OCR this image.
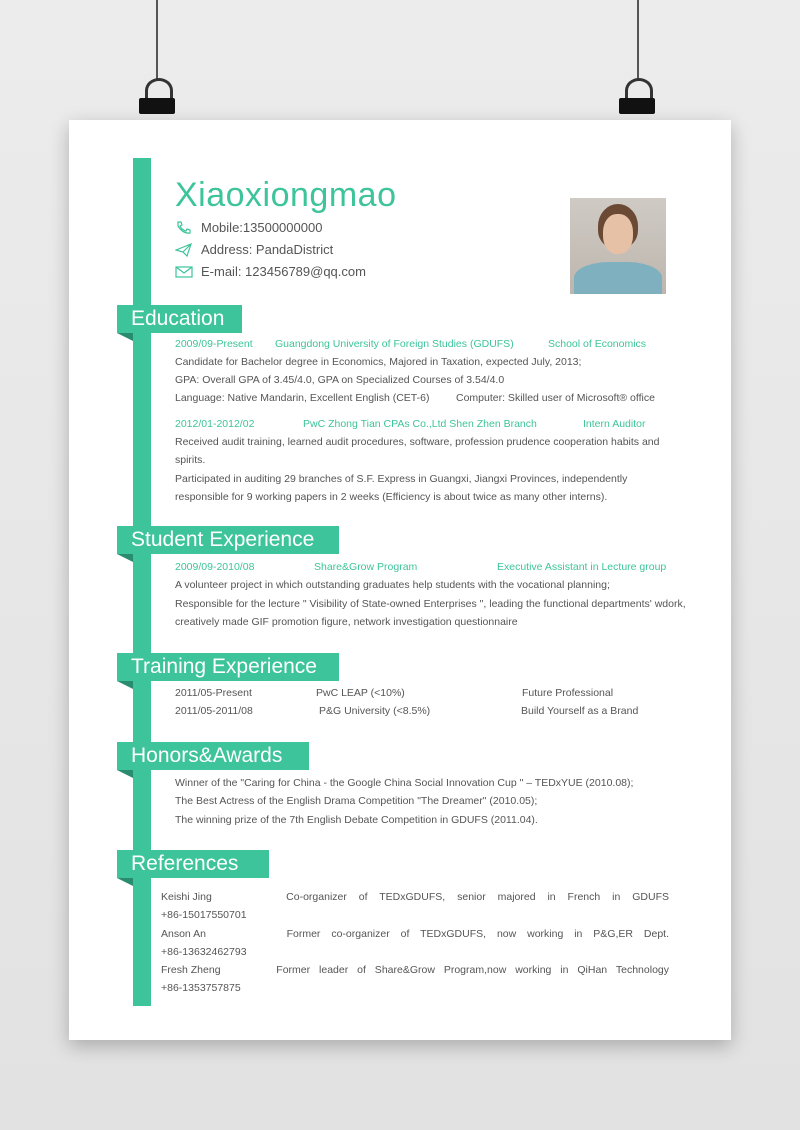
Xiaoxiongmao
Mobile:13500000000
Address: PandaDistrict
E-mail: 123456789@qq.com
Education
2009/09-Present Guangdong University of Foreign Studies (GDUFS)	School of Economics
Candidate for Bachelor degree in Economics, Majored in Taxation, expected July, 2013;
GPA: Overall GPA of 3.45/4.0, GPA on Specialized Courses of 3.54/4.0
Language: Native Mandarin, Excellent English (CET-6)	Computer: Skilled user of Microsoft® office
2012/01-2012/02	PwC Zhong Tian CPAs Co.,Ltd Shen Zhen Branch	Intern Auditor
Received audit training, learned audit procedures, software, profession prudence cooperation habits and
spirits.
Participated in auditing 29 branches of S.F. Express in Guangxi, Jiangxi Provinces, independently
responsible for 9 working papers in 2 weeks (Efficiency is about twice as many other interns).
Student Experience
2009/09-2010/08	Share&Grow Program	Executive Assistant in Lecture group
A volunteer project in which outstanding graduates help students with the vocational planning;
Responsible for the lecture " Visibility of State-owned Enterprises ", leading the functional departments' wdork,
creatively made GIF promotion figure, network investigation questionnaire
Training Experience
2011/05-Present	PwC LEAP (<10%)	Future Professional
2011/05-2011/08	P&G University (<8.5%)	Build Yourself as a Brand
Honors&Awards
Winner of the "Caring for China - the Google China Social Innovation Cup " – TEDxYUE (2010.08);
The Best Actress of the English Drama Competition "The Dreamer" (2010.05);
The winning prize of the 7th English Debate Competition in GDUFS (2011.04).
References
Keishi Jing	Co-organizer of TEDxGDUFS, senior majored in French in GDUFS
+86-15017550701
Anson An	Former co-organizer of TEDxGDUFS, now working in P&G,ER Dept.
+86-13632462793
Fresh Zheng	Former leader of Share&Grow Program,now working in QiHan Technology
+86-1353757875
